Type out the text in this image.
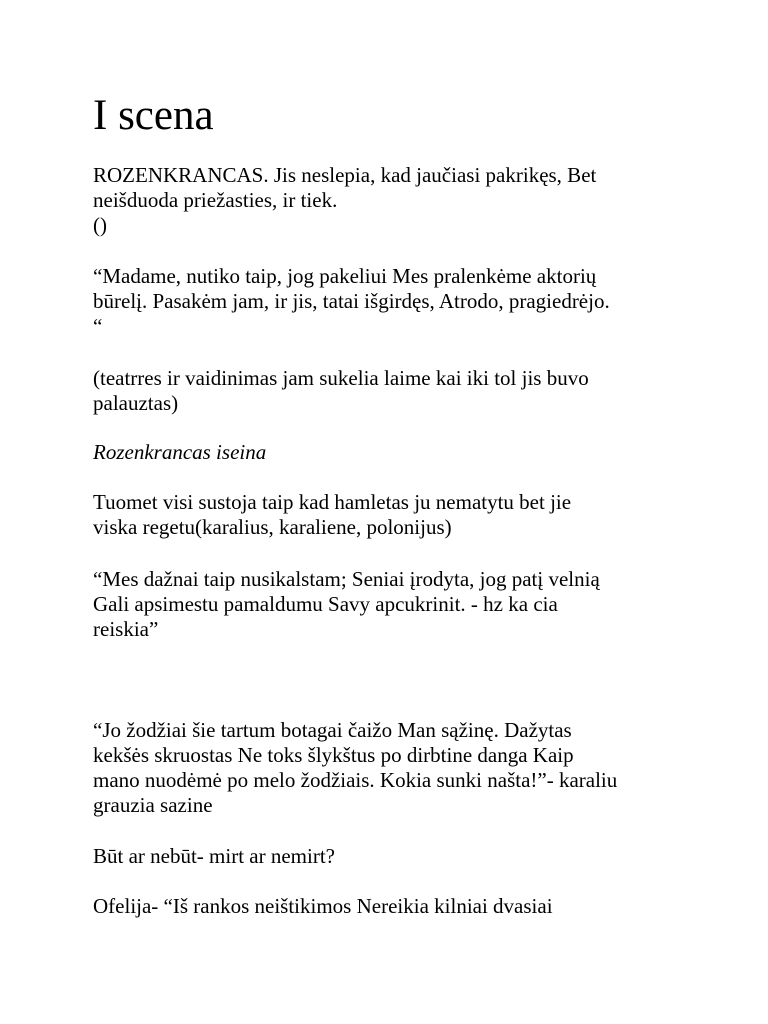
I scena

ROZENKRANCAS. Jis neslepia, kad jaučiasi pakrikęs, Bet
neišduoda priežasties, ir tiek.
()

“Madame, nutiko taip, jog pakeliui Mes pralenkėme aktorių
būrelį. Pasakėm jam, ir jis, tatai išgirdęs, Atrodo, pragiedrėjo.
“

(teatrres ir vaidinimas jam sukelia laime kai iki tol jis buvo
palauztas)

Rozenkrancas iseina

Tuomet visi sustoja taip kad hamletas ju nematytu bet jie
viska regetu(karalius, karaliene, polonijus)

“Mes dažnai taip nusikalstam; Seniai įrodyta, jog patį velnią
Gali apsimestu pamaldumu Savy apcukrinit. - hz ka cia
reiskia”

“Jo žodžiai šie tartum botagai čaižo Man sąžinę. Dažytas
kekšės skruostas Ne toks šlykštus po dirbtine danga Kaip
mano nuodėmė po melo žodžiais. Kokia sunki našta!”- karaliu
grauzia sazine

Būt ar nebūt- mirt ar nemirt?

Ofelija- “Iš rankos neištikimos Nereikia kilniai dvasiai
